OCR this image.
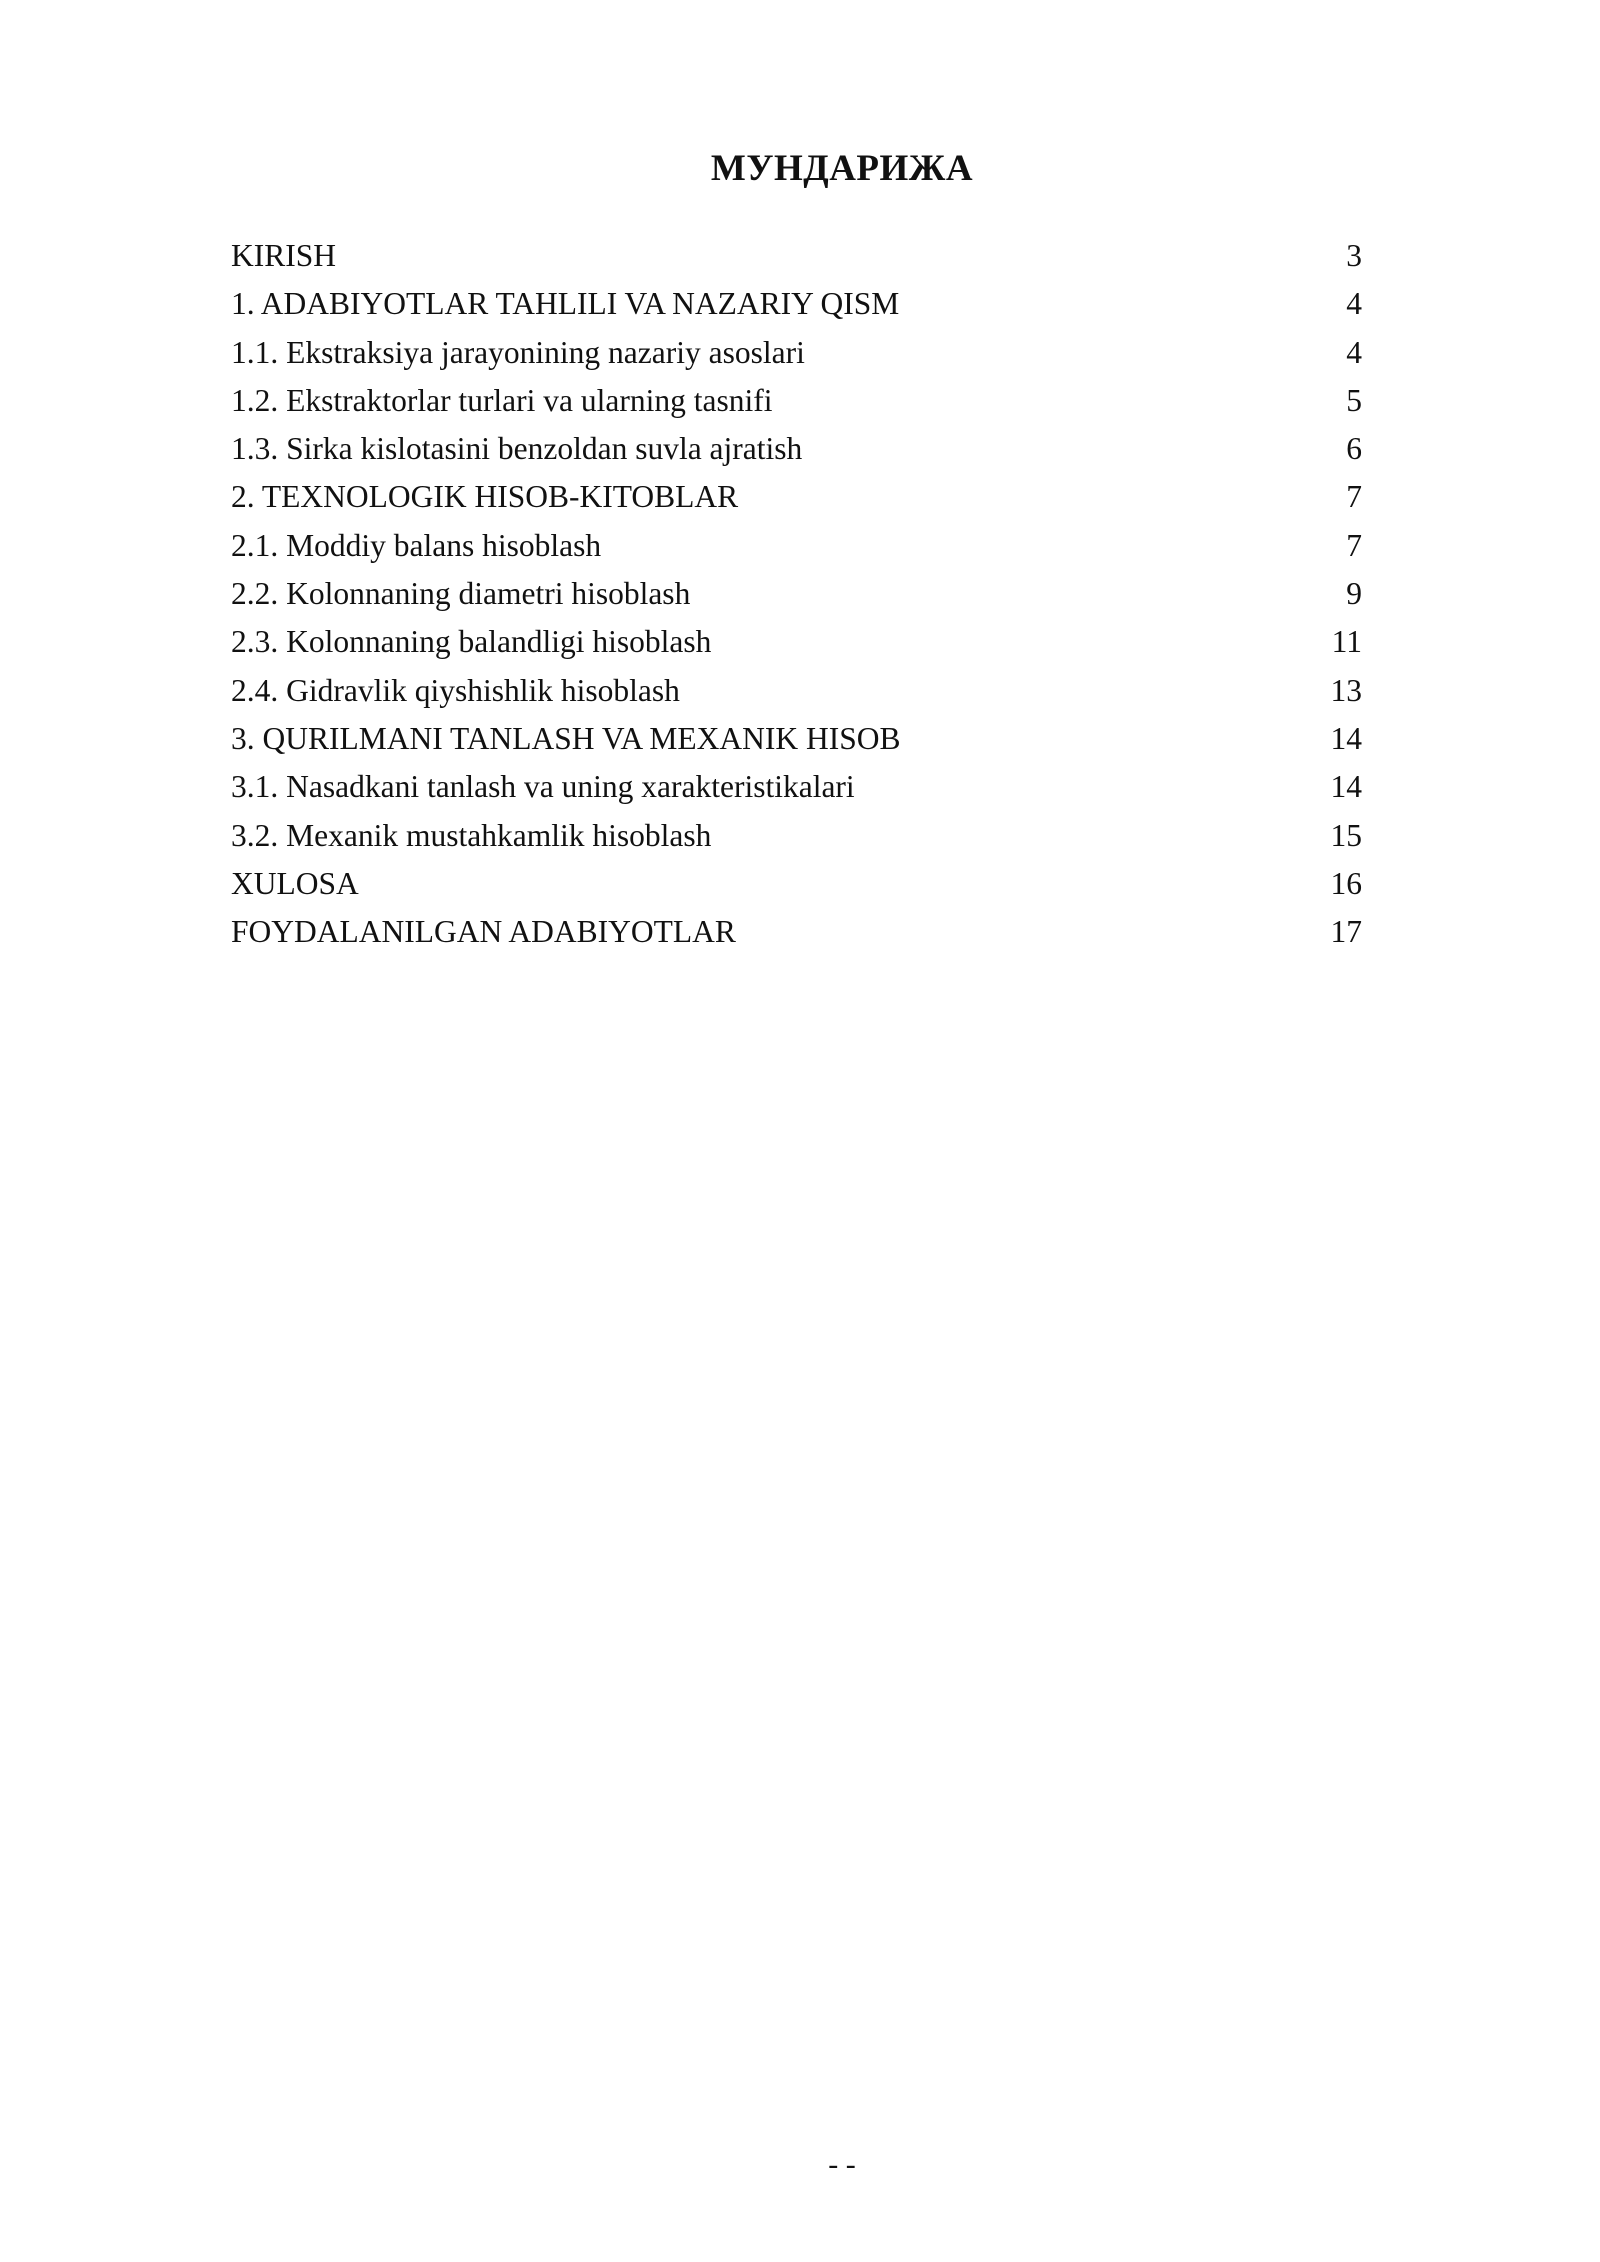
МУНДАРИЖА
KIRISH	3
1. ADABIYOTLAR TAHLILI VA NAZARIY QISM	4
1.1. Ekstraksiya jarayonining nazariy asoslari	4
1.2. Ekstraktorlar turlari va ularning tasnifi	5
1.3. Sirka kislotasini benzoldan suvla ajratish	6
2. TEXNOLOGIK HISOB-KITOBLAR	7
2.1. Moddiy balans hisoblash	7
2.2. Kolonnaning diametri hisoblash	9
2.3. Kolonnaning balandligi hisoblash	11
2.4. Gidravlik qiyshishlik hisoblash	13
3. QURILMANI TANLASH VA MEXANIK HISOB	14
3.1. Nasadkani tanlash va uning xarakteristikalari	14
3.2. Mexanik mustahkamlik hisoblash	15
XULOSA	16
FOYDALANILGAN ADABIYOTLAR	17
- -
